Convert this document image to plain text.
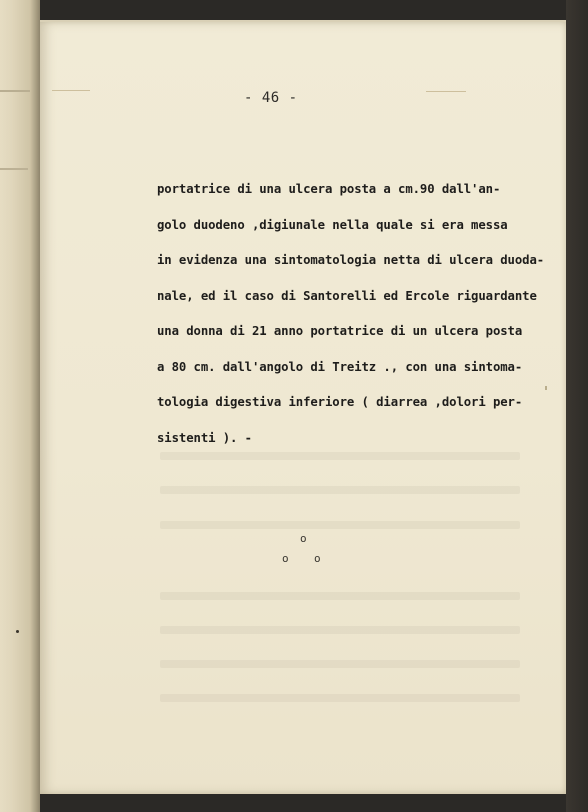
- 46 -

portatrice di una ulcera posta a cm.90 dall'an-
golo duodeno ,digiunale nella quale si era messa
in evidenza una sintomatologia netta di ulcera duoda-
nale, ed il caso di Santorelli ed Ercole riguardante
una donna di 21 anno portatrice di un ulcera posta
a 80 cm. dall'angolo di Treitz ., con una sintoma-
tologia digestiva inferiore ( diarrea ,dolori per-
sistenti ). -

o
o o
